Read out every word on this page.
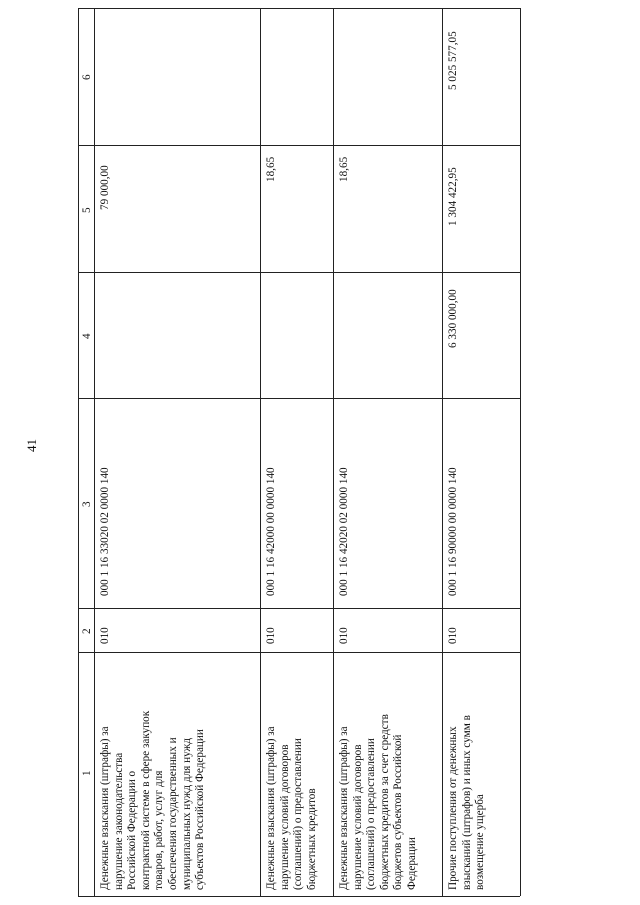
41
1
2
3
4
5
6
Денежные взыскания (штрафы) за нарушение законодательства Российской Федерации о контрактной системе в сфере закупок товаров, работ, услуг для обеспечения государственных и муниципальных нужд для нужд субъектов Российской Федерации
010
000 1 16 33020 02 0000 140
79 000,00
Денежные взыскания (штрафы) за нарушение условий договоров (соглашений) о предоставлении бюджетных кредитов
010
000 1 16 42000 00 0000 140
18,65
Денежные взыскания (штрафы) за нарушение условий договоров (соглашений) о предоставлении бюджетных кредитов за счет средств бюджетов субъектов Российской Федерации
010
000 1 16 42020 02 0000 140
18,65
Прочие поступления от денежных взысканий (штрафов) и иных сумм в возмещение ущерба
010
000 1 16 90000 00 0000 140
6 330 000,00
1 304 422,95
5 025 577,05
